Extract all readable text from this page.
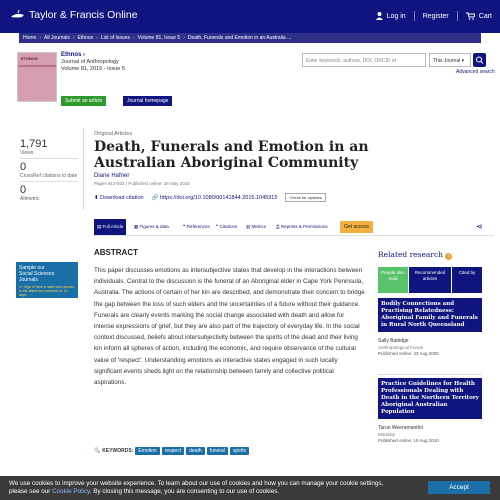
Taylor & Francis Online	Log in Register	Cart
Home › All Journals › Ethnos › List of Issues › Volume 81, Issue 5 › Death, Funerals and Emotion in an Australia ...
ETHNOS
Ethnos ›
Journal of Anthropology
Volume 81, 2016 - Issue 5
Submit an article	Journal homepage
Enter keywords, authors, DOI, ORCID et	This Journal ▾
Advanced search
1,791
Views
0
CrossRef citations to date
0
Altmetric
Original Articles
Death, Funerals and Emotion in an Australian Aboriginal Community
Diane Hafner
Pages 913-932 | Published online: 28 May 2015
⬇ Download citation 🔗 https://doi.org/10.1080/00141844.2015.1045915	Check for updates
▤ Full Article	▦ Figures & data	❝ References ❞ Citations ▥ Metrics ⎙ Reprints & Permissions	Get access	⋖
Sample our
Social Sciences
Journals
>> Sign in here to start your access to the latest two volumes for 14 days
ABSTRACT

This paper discusses emotions as intersubjective states that develop in the interactions between individuals. Central to the discussion is the funeral of an Aboriginal elder in Cape York Peninsula, Australia. The actions of certain of her kin are described, and demonstrate their concern to bridge the gap between the loss of such elders and the uncertainties of a future without their guidance. Funerals are clearly events marking the social change associated with death and allow for intense expressions of grief, but they are also part of the trajectory of everyday life. In the social context discussed, beliefs about intersubjectivity between the spirits of the dead and their living kin inform all spheres of action, including the economic, and require observance of the cultural value of ‘respect’. Understanding emotions as interactive states engaged in such locally significant events sheds light on the relationship between family and collective political aspirations.

🔍 KEYWORDS:	Emotion	respect	death	funeral	spirits
Related research i
People also read
Recommended articles
Cited by
Bodily Connections and Practising Relatedness: Aboriginal Family and Funerals in Rural North Queensland
Sally Babidge
Anthropological Forum
Published online: 23 Aug 2006
Practice Guidelines for Health Professionals Dealing with Death in the Northern Territory Aboriginal Australian Population
Tarun Weeramanthri
Mortality
Published online: 19 Aug 2010
We use cookies to improve your website experience. To learn about our use of cookies and how you can manage your cookie settings,
please see our Cookie Policy. By closing this message, you are consenting to our use of cookies.	Accept
